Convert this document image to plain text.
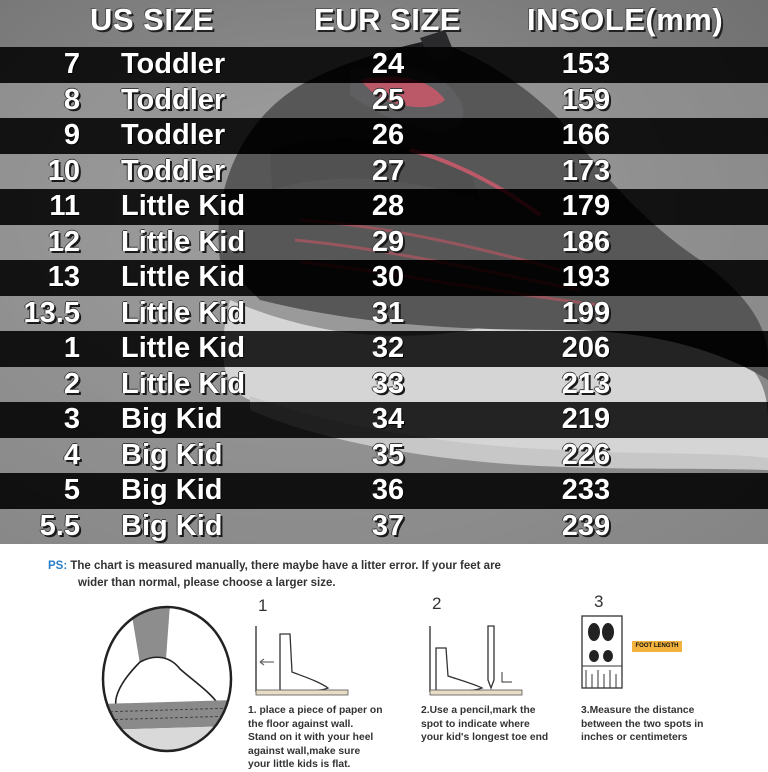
US SIZE	EUR SIZE INSOLE(mm)
7 Toddler	24	153
8 Toddler	25	159
9 Toddler	26	166
10 Toddler	27	173
11 Little Kid	28	179
12 Little Kid	29	186
13 Little Kid	30	193
13.5 Little Kid	31	199
1 Little Kid	32	206
2 Little Kid	33	213
3 Big Kid	34	219
4 Big Kid	35	226
5 Big Kid	36	233
5.5 Big Kid	37	239
PS: The chart is measured manually, there maybe have a litter error. If your feet are
wider than normal, please choose a larger size.
1
1. place a piece of paper on
the floor against wall.
Stand on it with your heel
against wall,make sure
your little kids is flat.
2
2.Use a pencil,mark the
spot to indicate where
your kid's longest toe end
3
FOOT LENGTH
3.Measure the distance
between the two spots in
inches or centimeters
